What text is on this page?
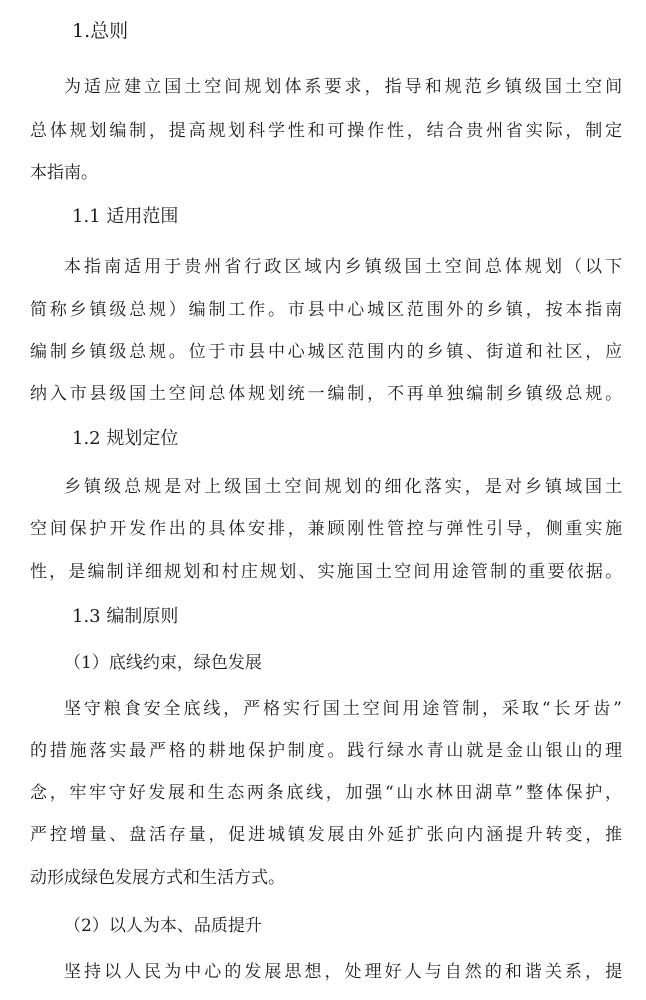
1.总则
为适应建立国土空间规划体系要求，指导和规范乡镇级国土空间
总体规划编制，提高规划科学性和可操作性，结合贵州省实际，制定
本指南。
1.1 适用范围
本指南适用于贵州省行政区域内乡镇级国土空间总体规划（以下
简称乡镇级总规）编制工作。市县中心城区范围外的乡镇，按本指南
编制乡镇级总规。位于市县中心城区范围内的乡镇、街道和社区，应
纳入市县级国土空间总体规划统一编制，不再单独编制乡镇级总规。
1.2 规划定位
乡镇级总规是对上级国土空间规划的细化落实，是对乡镇域国土
空间保护开发作出的具体安排，兼顾刚性管控与弹性引导，侧重实施
性，是编制详细规划和村庄规划、实施国土空间用途管制的重要依据。
1.3 编制原则
（1）底线约束，绿色发展
坚守粮食安全底线，严格实行国土空间用途管制，采取“长牙齿”
的措施落实最严格的耕地保护制度。践行绿水青山就是金山银山的理
念，牢牢守好发展和生态两条底线，加强“山水林田湖草”整体保护，
严控增量、盘活存量，促进城镇发展由外延扩张向内涵提升转变，推
动形成绿色发展方式和生活方式。
（2）以人为本、品质提升
坚持以人民为中心的发展思想，处理好人与自然的和谐关系，提
